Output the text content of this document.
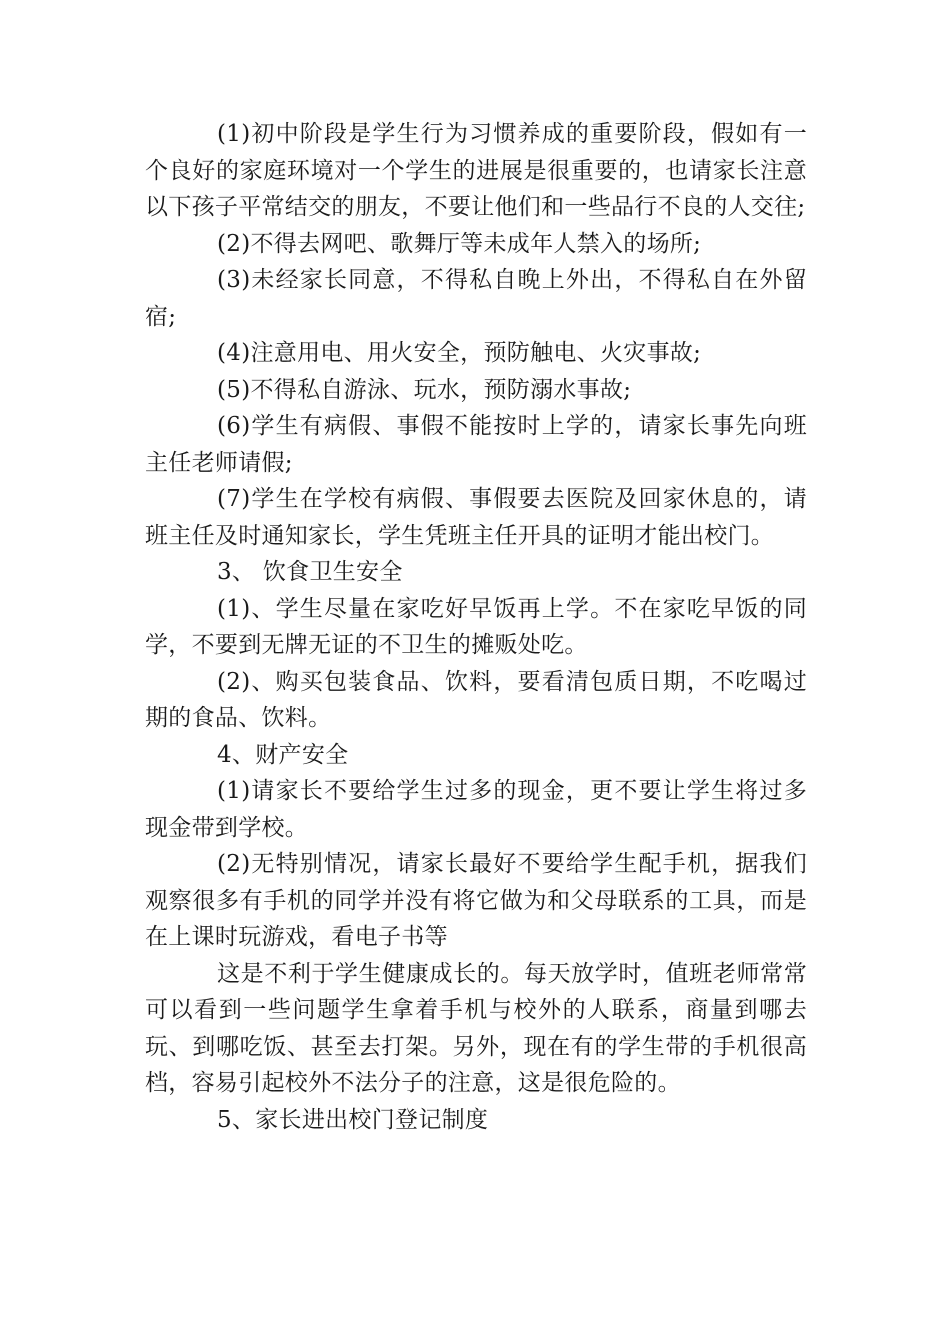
(1)初中阶段是学生行为习惯养成的重要阶段，假如有一个良好的家庭环境对一个学生的进展是很重要的，也请家长注意以下孩子平常结交的朋友，不要让他们和一些品行不良的人交往;

(2)不得去网吧、歌舞厅等未成年人禁入的场所;

(3)未经家长同意，不得私自晚上外出，不得私自在外留宿;

(4)注意用电、用火安全，预防触电、火灾事故;

(5)不得私自游泳、玩水，预防溺水事故;

(6)学生有病假、事假不能按时上学的，请家长事先向班主任老师请假;

(7)学生在学校有病假、事假要去医院及回家休息的，请班主任及时通知家长，学生凭班主任开具的证明才能出校门。

3、 饮食卫生安全

(1)、学生尽量在家吃好早饭再上学。不在家吃早饭的同学，不要到无牌无证的不卫生的摊贩处吃。

(2)、购买包装食品、饮料，要看清包质日期，不吃喝过期的食品、饮料。

4、财产安全

(1)请家长不要给学生过多的现金，更不要让学生将过多现金带到学校。

(2)无特别情况，请家长最好不要给学生配手机，据我们观察很多有手机的同学并没有将它做为和父母联系的工具，而是在上课时玩游戏，看电子书等

这是不利于学生健康成长的。每天放学时，值班老师常常可以看到一些问题学生拿着手机与校外的人联系，商量到哪去玩、到哪吃饭、甚至去打架。另外，现在有的学生带的手机很高档，容易引起校外不法分子的注意，这是很危险的。

5、家长进出校门登记制度
